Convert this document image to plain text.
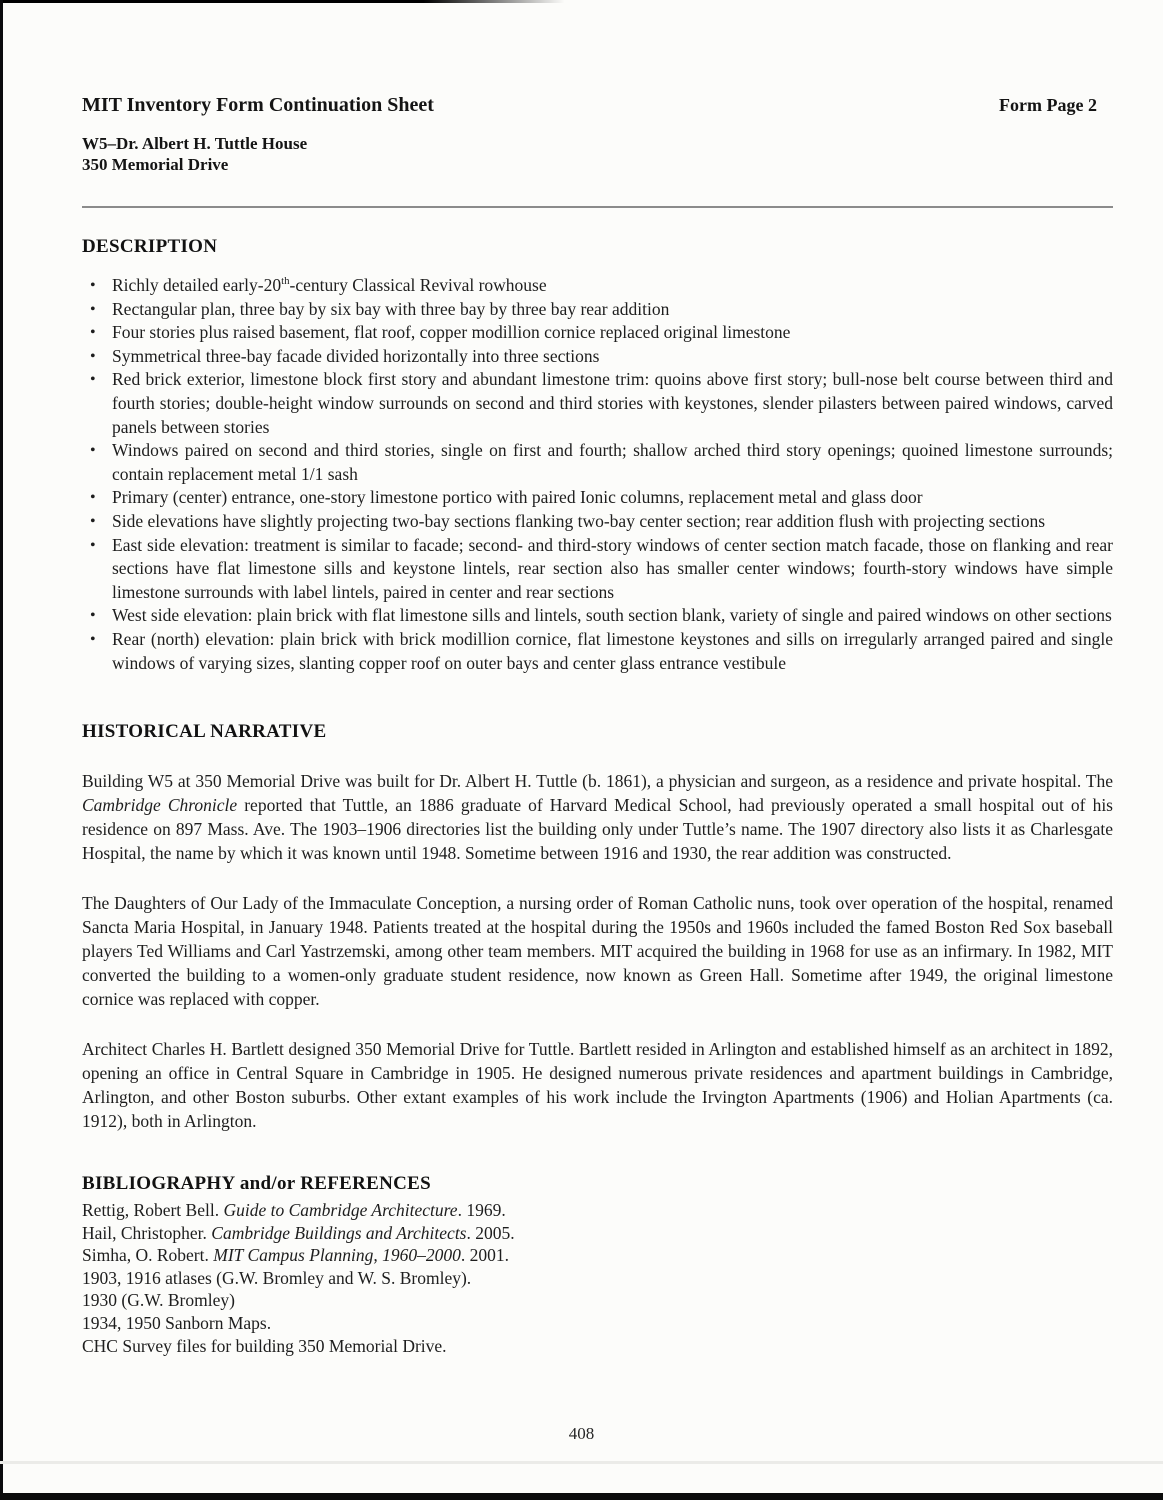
MIT Inventory Form Continuation Sheet	Form Page 2
W5–Dr. Albert H. Tuttle House
350 Memorial Drive
DESCRIPTION
• Richly detailed early-20th-century Classical Revival rowhouse
• Rectangular plan, three bay by six bay with three bay by three bay rear addition
• Four stories plus raised basement, flat roof, copper modillion cornice replaced original limestone
• Symmetrical three-bay facade divided horizontally into three sections
• Red brick exterior, limestone block first story and abundant limestone trim: quoins above first story; bull-nose belt course between third and fourth stories; double-height window surrounds on second and third stories with keystones, slender pilasters between paired windows, carved panels between stories
• Windows paired on second and third stories, single on first and fourth; shallow arched third story openings; quoined limestone surrounds; contain replacement metal 1/1 sash
• Primary (center) entrance, one-story limestone portico with paired Ionic columns, replacement metal and glass door
• Side elevations have slightly projecting two-bay sections flanking two-bay center section; rear addition flush with projecting sections
• East side elevation: treatment is similar to facade; second- and third-story windows of center section match facade, those on flanking and rear sections have flat limestone sills and keystone lintels, rear section also has smaller center windows; fourth-story windows have simple limestone surrounds with label lintels, paired in center and rear sections
• West side elevation: plain brick with flat limestone sills and lintels, south section blank, variety of single and paired windows on other sections
• Rear (north) elevation: plain brick with brick modillion cornice, flat limestone keystones and sills on irregularly arranged paired and single windows of varying sizes, slanting copper roof on outer bays and center glass entrance vestibule
HISTORICAL NARRATIVE

Building W5 at 350 Memorial Drive was built for Dr. Albert H. Tuttle (b. 1861), a physician and surgeon, as a residence and private hospital. The Cambridge Chronicle reported that Tuttle, an 1886 graduate of Harvard Medical School, had previously operated a small hospital out of his residence on 897 Mass. Ave. The 1903–1906 directories list the building only under Tuttle’s name. The 1907 directory also lists it as Charlesgate Hospital, the name by which it was known until 1948. Sometime between 1916 and 1930, the rear addition was constructed.

The Daughters of Our Lady of the Immaculate Conception, a nursing order of Roman Catholic nuns, took over operation of the hospital, renamed Sancta Maria Hospital, in January 1948. Patients treated at the hospital during the 1950s and 1960s included the famed Boston Red Sox baseball players Ted Williams and Carl Yastrzemski, among other team members. MIT acquired the building in 1968 for use as an infirmary. In 1982, MIT converted the building to a women-only graduate student residence, now known as Green Hall. Sometime after 1949, the original limestone cornice was replaced with copper.

Architect Charles H. Bartlett designed 350 Memorial Drive for Tuttle. Bartlett resided in Arlington and established himself as an architect in 1892, opening an office in Central Square in Cambridge in 1905. He designed numerous private residences and apartment buildings in Cambridge, Arlington, and other Boston suburbs. Other extant examples of his work include the Irvington Apartments (1906) and Holian Apartments (ca. 1912), both in Arlington.

BIBLIOGRAPHY and/or REFERENCES
Rettig, Robert Bell. Guide to Cambridge Architecture. 1969.
Hail, Christopher. Cambridge Buildings and Architects. 2005.
Simha, O. Robert. MIT Campus Planning, 1960–2000. 2001.
1903, 1916 atlases (G.W. Bromley and W. S. Bromley).
1930 (G.W. Bromley)
1934, 1950 Sanborn Maps.
CHC Survey files for building 350 Memorial Drive.
408
